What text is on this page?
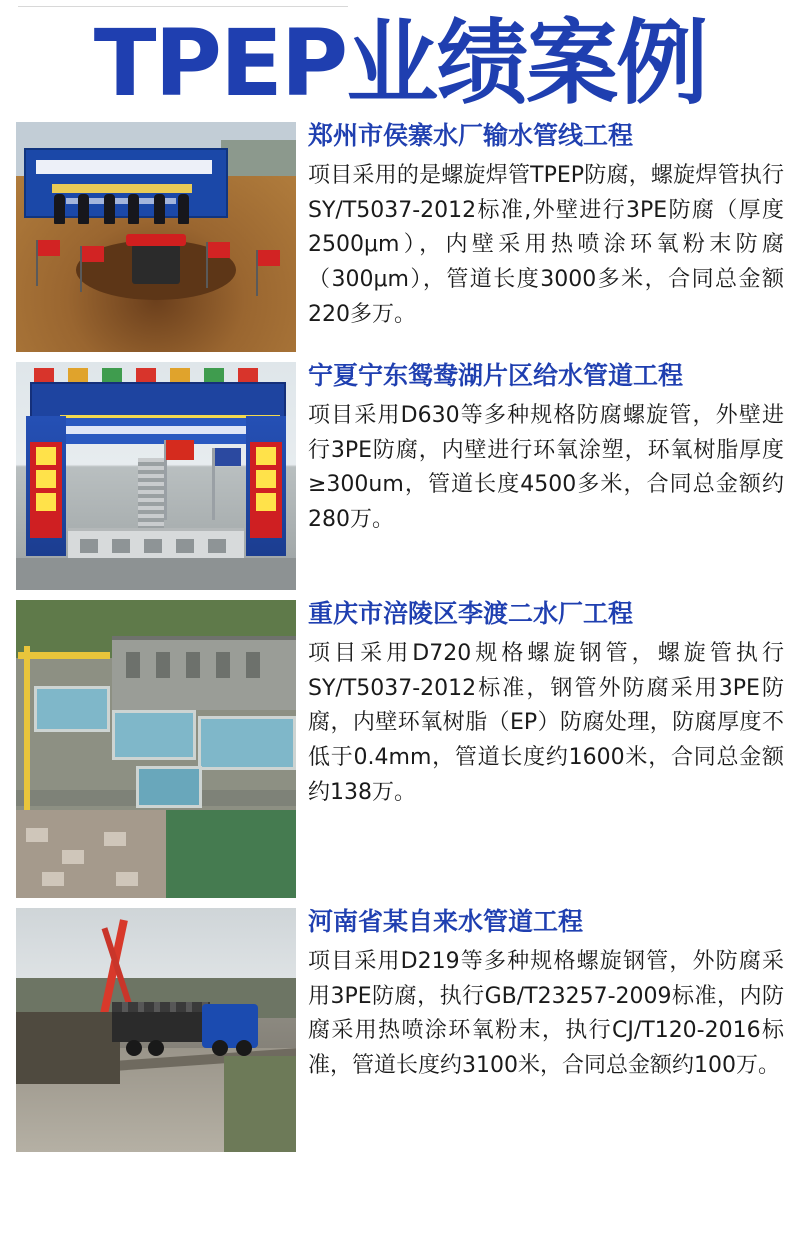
TPEP业绩案例
郑州市侯寨水厂输水管线工程

项目采用的是螺旋焊管TPEP防腐，螺旋焊管执行SY/T5037-2012标准,外壁进行3PE防腐（厚度2500μm），内壁采用热喷涂环氧粉末防腐（300μm），管道长度3000多米，合同总金额220多万。

宁夏宁东鸳鸯湖片区给水管道工程

项目采用D630等多种规格防腐螺旋管，外壁进行3PE防腐，内壁进行环氧涂塑，环氧树脂厚度≥300um，管道长度4500多米，合同总金额约280万。

重庆市涪陵区李渡二水厂工程

项目采用D720规格螺旋钢管，螺旋管执行SY/T5037-2012标准，钢管外防腐采用3PE防腐，内壁环氧树脂（EP）防腐处理，防腐厚度不低于0.4mm，管道长度约1600米，合同总金额约138万。

河南省某自来水管道工程

项目采用D219等多种规格螺旋钢管，外防腐采用3PE防腐，执行GB/T23257-2009标准，内防腐采用热喷涂环氧粉末，执行CJ/T120-2016标准，管道长度约3100米，合同总金额约100万。
